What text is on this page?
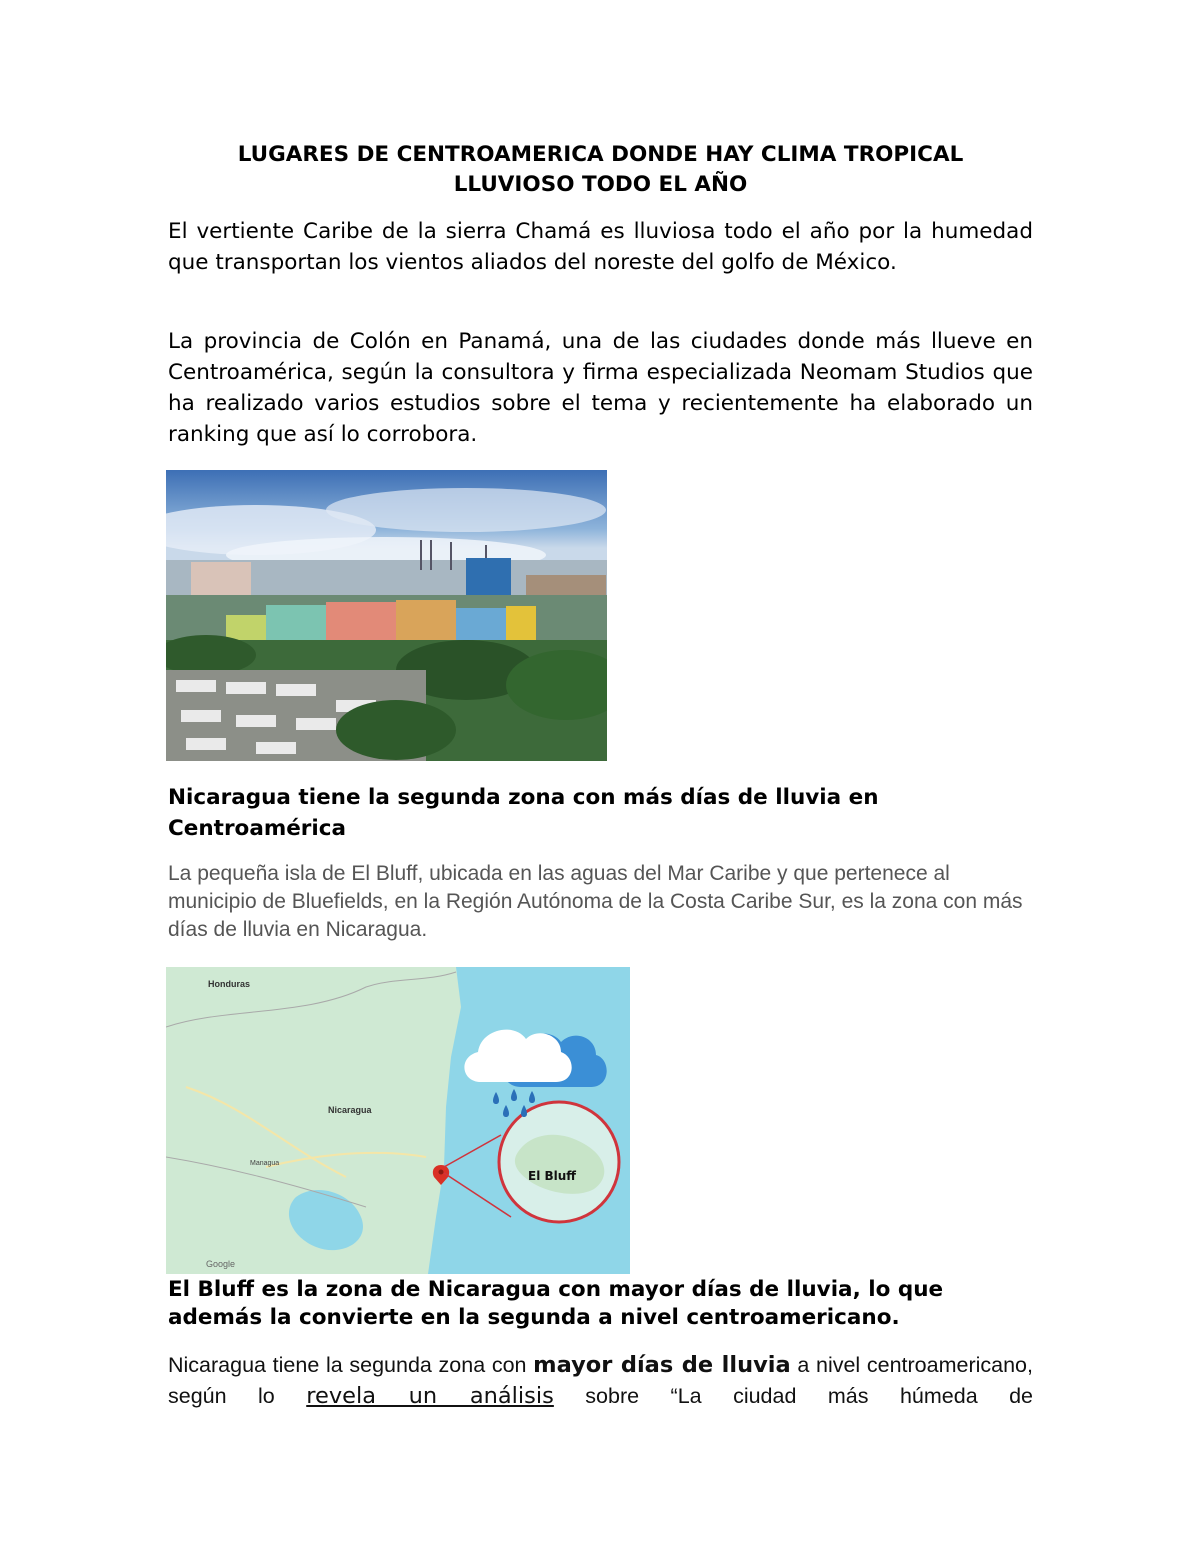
LUGARES DE CENTROAMERICA DONDE HAY CLIMA TROPICAL
LLUVIOSO TODO EL AÑO

El vertiente Caribe de la sierra Chamá es lluviosa todo el año por la humedad que transportan los vientos aliados del noreste del golfo de México.

La provincia de Colón en Panamá, una de las ciudades donde más llueve en Centroamérica, según la consultora y firma especializada Neomam Studios que ha realizado varios estudios sobre el tema y recientemente ha elaborado un ranking que así lo corrobora.

Nicaragua tiene la segunda zona con más días de lluvia en Centroamérica

La pequeña isla de El Bluff, ubicada en las aguas del Mar Caribe y que pertenece al municipio de Bluefields, en la Región Autónoma de la Costa Caribe Sur, es la zona con más días de lluvia en Nicaragua.

Honduras
Nicaragua
Managua
Google
El Bluff
El Bluff es la zona de Nicaragua con mayor días de lluvia, lo que además la convierte en la segunda a nivel centroamericano.

Nicaragua tiene la segunda zona con mayor días de lluvia a nivel centroamericano, según lo revela un análisis sobre “La ciudad más húmeda de
